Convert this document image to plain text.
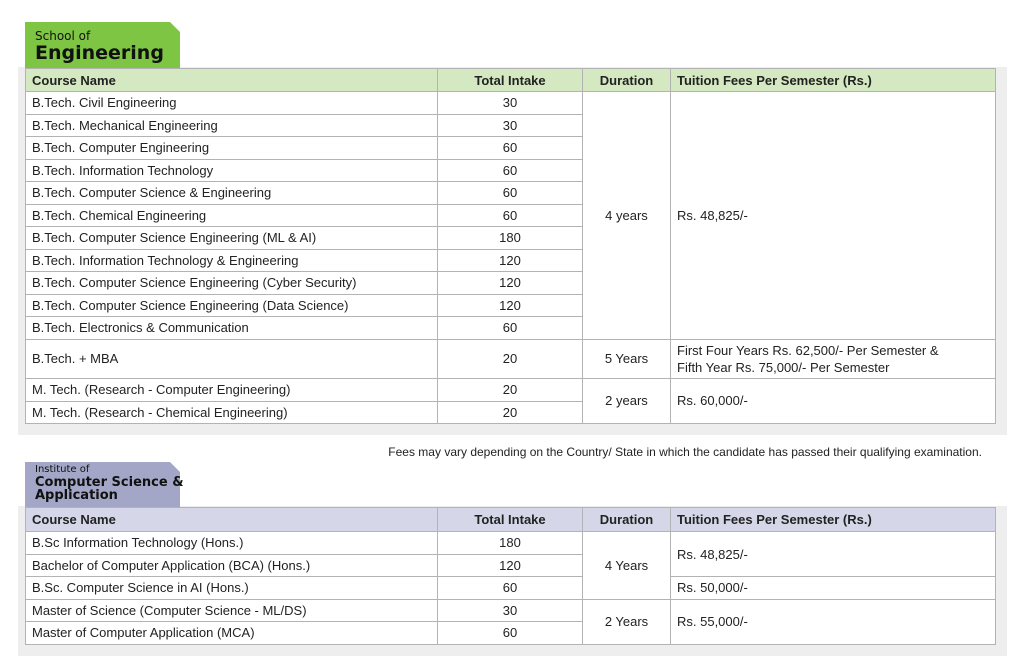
School of
Engineering
Course Name	Total Intake	Duration	Tuition Fees Per Semester (Rs.)
B.Tech. Civil Engineering	30	4 years	Rs. 48,825/-
B.Tech. Mechanical Engineering	30		
B.Tech. Computer Engineering	60		
B.Tech. Information Technology	60		
B.Tech. Computer Science & Engineering	60		
B.Tech. Chemical Engineering	60		
B.Tech. Computer Science Engineering (ML & AI)	180		
B.Tech. Information Technology & Engineering	120		
B.Tech. Computer Science Engineering (Cyber Security)	120		
B.Tech. Computer Science Engineering (Data Science)	120		
B.Tech. Electronics & Communication	60		
B.Tech. + MBA	20	5 Years	First Four Years Rs. 62,500/- Per Semester &
Fifth Year Rs. 75,000/- Per Semester

M. Tech. (Research - Computer Engineering)	20	2 years	Rs. 60,000/-
M. Tech. (Research - Chemical Engineering)	20		
Fees may vary depending on the Country/ State in which the candidate has passed their qualifying examination.
Institute of
Computer Science &
Application
Course Name	Total Intake	Duration	Tuition Fees Per Semester (Rs.)
B.Sc Information Technology (Hons.)	180	4 Years	Rs. 48,825/-
Bachelor of Computer Application (BCA) (Hons.)	120		
B.Sc. Computer Science in AI (Hons.)	60		Rs. 50,000/-
Master of Science (Computer Science - ML/DS)	30	2 Years	Rs. 55,000/-
Master of Computer Application (MCA)	60		
